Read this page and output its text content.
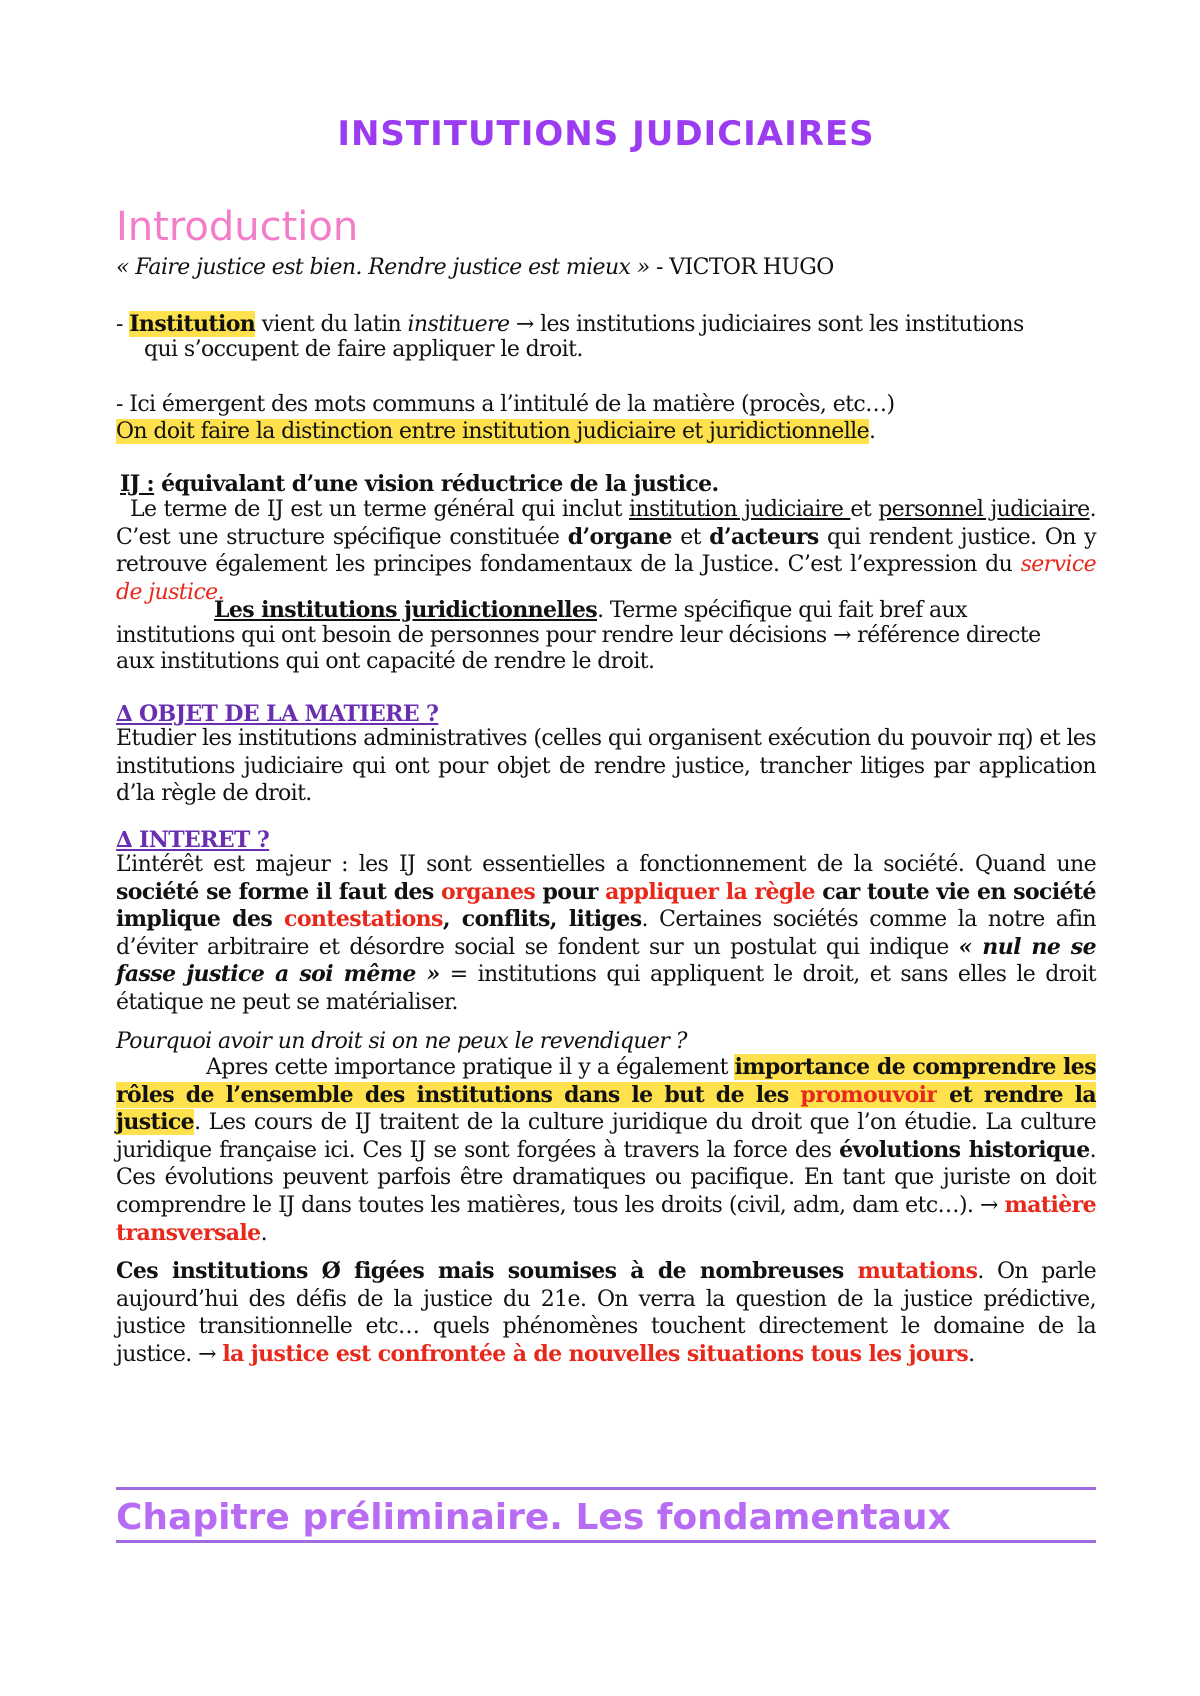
INSTITUTIONS JUDICIAIRES
Introduction
« Faire justice est bien. Rendre justice est mieux » - VICTOR HUGO
- Institution vient du latin instituere → les institutions judiciaires sont les institutions
qui s’occupent de faire appliquer le droit.
- Ici émergent des mots communs a l’intitulé de la matière (procès, etc…)
On doit faire la distinction entre institution judiciaire et juridictionnelle.
IJ : équivalant d’une vision réductrice de la justice.

Le terme de IJ est un terme général qui inclut institution judiciaire et personnel judiciaire. C’est une structure spécifique constituée d’organe et d’acteurs qui rendent justice. On y retrouve également les principes fondamentaux de la Justice. C’est l’expression du service de justice.

Les institutions juridictionnelles. Terme spécifique qui fait bref aux
institutions qui ont besoin de personnes pour rendre leur décisions → référence directe
aux institutions qui ont capacité de rendre le droit.
∆ OBJET DE LA MATIERE ?

Etudier les institutions administratives (celles qui organisent exécution du pouvoir πq) et les institutions judiciaire qui ont pour objet de rendre justice, trancher litiges par application d’la règle de droit.

∆ INTERET ?

L’intérêt est majeur : les IJ sont essentielles a fonctionnement de la société. Quand une société se forme il faut des organes pour appliquer la règle car toute vie en société implique des contestations, conflits, litiges. Certaines sociétés comme la notre afin d’éviter arbitraire et désordre social se fondent sur un postulat qui indique « nul ne se fasse justice a soi même » = institutions qui appliquent le droit, et sans elles le droit étatique ne peut se matérialiser.

Pourquoi avoir un droit si on ne peux le revendiquer ?

Apres cette importance pratique il y a également importance de comprendre les rôles de l’ensemble des institutions dans le but de les promouvoir et rendre la justice. Les cours de IJ traitent de la culture juridique du droit que l’on étudie. La culture juridique française ici. Ces IJ se sont forgées à travers la force des évolutions historique. Ces évolutions peuvent parfois être dramatiques ou pacifique. En tant que juriste on doit comprendre le IJ dans toutes les matières, tous les droits (civil, adm, dam etc…). → matière transversale.

Ces institutions Ø figées mais soumises à de nombreuses mutations. On parle aujourd’hui des défis de la justice du 21e. On verra la question de la justice prédictive, justice transitionnelle etc… quels phénomènes touchent directement le domaine de la justice. → la justice est confrontée à de nouvelles situations tous les jours.

Chapitre préliminaire. Les fondamentaux
